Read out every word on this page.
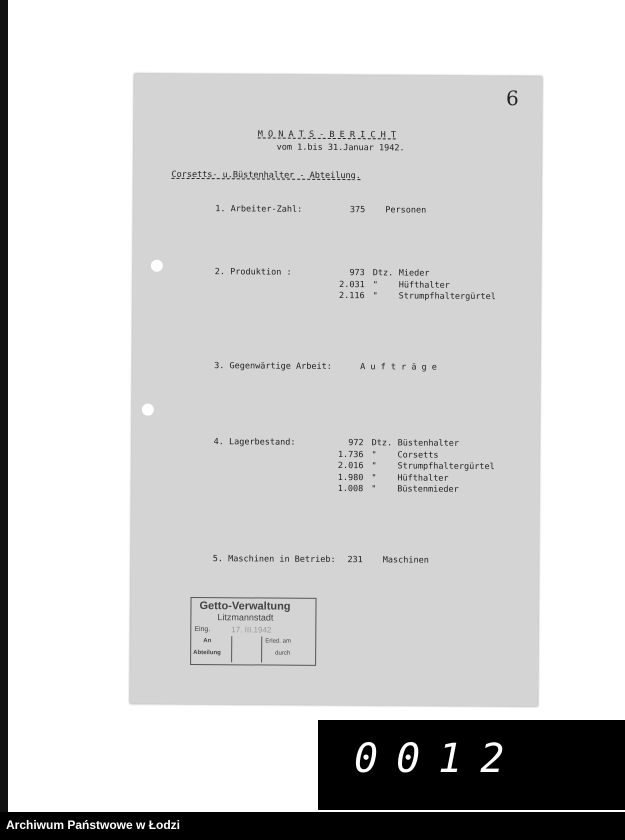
6
M O N A T S - B E R I C H T
vom 1.bis 31.Januar 1942.
Corsetts- u.Büstenhalter - Abteilung.
1. Arbeiter-Zahl:	375 Personen
2. Produktion :	973 Dtz. Mieder
2.031 " Hüfthalter
2.116 " Strumpfhaltergürtel
3. Gegenwärtige Arbeit:	A u f t r ä g e
4. Lagerbestand:	972 Dtz. Büstenhalter
1.736 " Corsetts
2.016 " Strumpfhaltergürtel
1.980 " Hüfthalter
1.008 " Büstenmieder
5. Maschinen in Betrieb: 231 Maschinen
Getto-Verwaltung
Litzmannstadt
Eing.	17. III.1942
An
Abteilung
Erled. am
durch
0012
Archiwum Państwowe w Łodzi
